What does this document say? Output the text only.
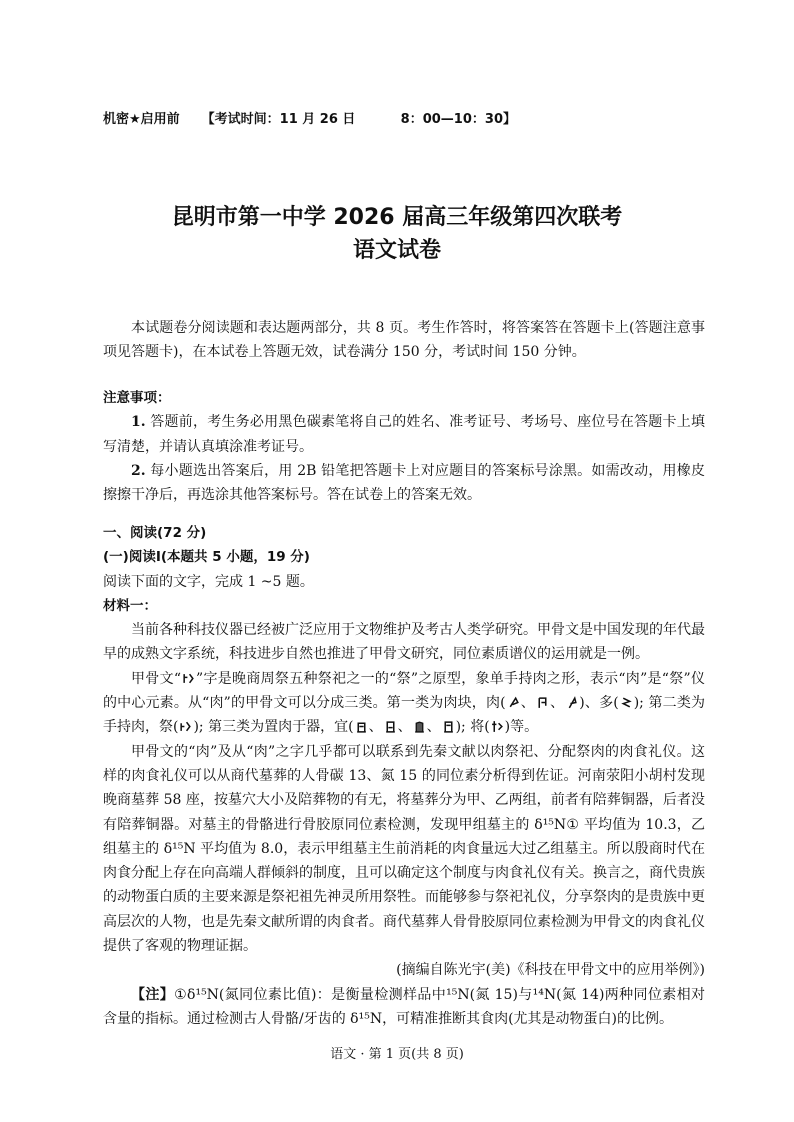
机密★启用前 【考试时间：11 月 26 日          8：00—10：30】
昆明市第一中学 2026 届高三年级第四次联考
语文试卷

本试题卷分阅读题和表达题两部分，共 8 页。考生作答时，将答案答在答题卡上(答题注意事项见答题卡)，在本试卷上答题无效，试卷满分 150 分，考试时间 150 分钟。

注意事项：

1. 答题前，考生务必用黑色碳素笔将自己的姓名、准考证号、考场号、座位号在答题卡上填写清楚，并请认真填涂准考证号。

2. 每小题选出答案后，用 2B 铅笔把答题卡上对应题目的答案标号涂黑。如需改动，用橡皮擦擦干净后，再选涂其他答案标号。答在试卷上的答案无效。

一、阅读(72 分)

(一)阅读Ⅰ(本题共 5 小题，19 分)

阅读下面的文字，完成 1 ~5 题。

材料一：

当前各种科技仪器已经被广泛应用于文物维护及考古人类学研究。甲骨文是中国发现的年代最早的成熟文字系统，科技进步自然也推进了甲骨文研究，同位素质谱仪的运用就是一例。

甲骨文“ ”字是晚商周祭五种祭祀之一的“祭”之原型，象单手持肉之形，表示“肉”是“祭”仪的中心元素。从“肉”的甲骨文可以分成三类。第一类为肉块，肉( 、 、 )、多( ); 第二类为手持肉，祭( ); 第三类为置肉于器，宜( 、 、 、 ); 将( )等。

甲骨文的“肉”及从“肉”之字几乎都可以联系到先秦文献以肉祭祀、分配祭肉的肉食礼仪。这样的肉食礼仪可以从商代墓葬的人骨碳 13、氮 15 的同位素分析得到佐证。河南荥阳小胡村发现晚商墓葬 58 座，按墓穴大小及陪葬物的有无，将墓葬分为甲、乙两组，前者有陪葬铜器，后者没有陪葬铜器。对墓主的骨骼进行骨胶原同位素检测，发现甲组墓主的 δ¹⁵N① 平均值为 10.3，乙组墓主的 δ¹⁵N 平均值为 8.0，表示甲组墓主生前消耗的肉食量远大过乙组墓主。所以殷商时代在肉食分配上存在向高端人群倾斜的制度，且可以确定这个制度与肉食礼仪有关。换言之，商代贵族的动物蛋白质的主要来源是祭祀祖先神灵所用祭牲。而能够参与祭祀礼仪，分享祭肉的是贵族中更高层次的人物，也是先秦文献所谓的肉食者。商代墓葬人骨骨胶原同位素检测为甲骨文的肉食礼仪提供了客观的物理证据。

(摘编自陈光宇(美)《科技在甲骨文中的应用举例》)

【注】①δ¹⁵N(氮同位素比值)：是衡量检测样品中¹⁵N(氮 15)与¹⁴N(氮 14)两种同位素相对含量的指标。通过检测古人骨骼/牙齿的 δ¹⁵N，可精准推断其食肉(尤其是动物蛋白)的比例。

语文 · 第 1 页(共 8 页)
